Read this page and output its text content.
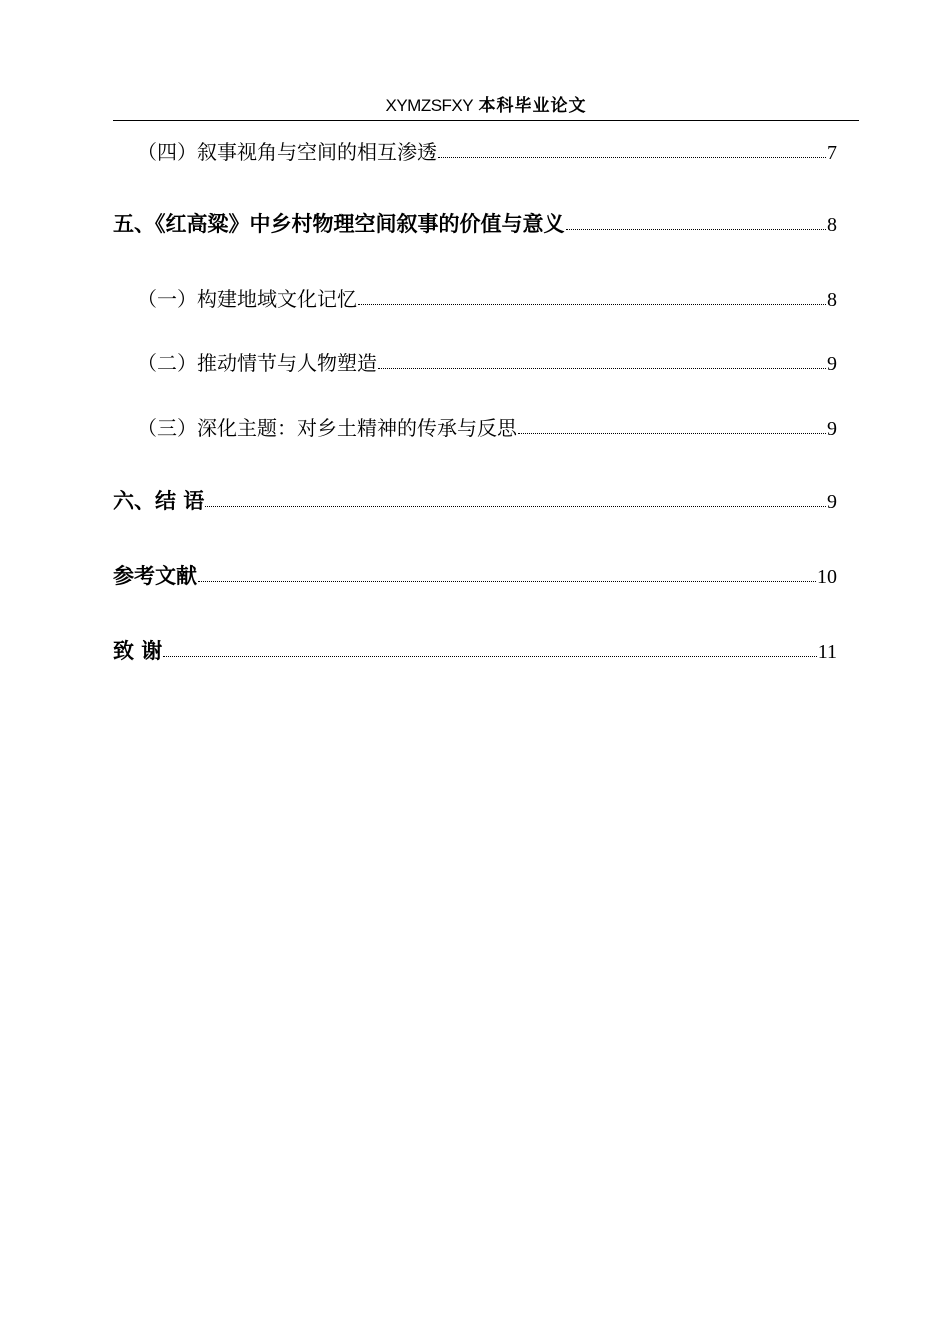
XYMZSFXY 本科毕业论文
（四）叙事视角与空间的相互渗透	7
五、《红高粱》中乡村物理空间叙事的价值与意义	8
（一）构建地域文化记忆	8
（二）推动情节与人物塑造	9
（三）深化主题：对乡土精神的传承与反思	9
六、结 语	9
参考文献	10
致 谢	11
